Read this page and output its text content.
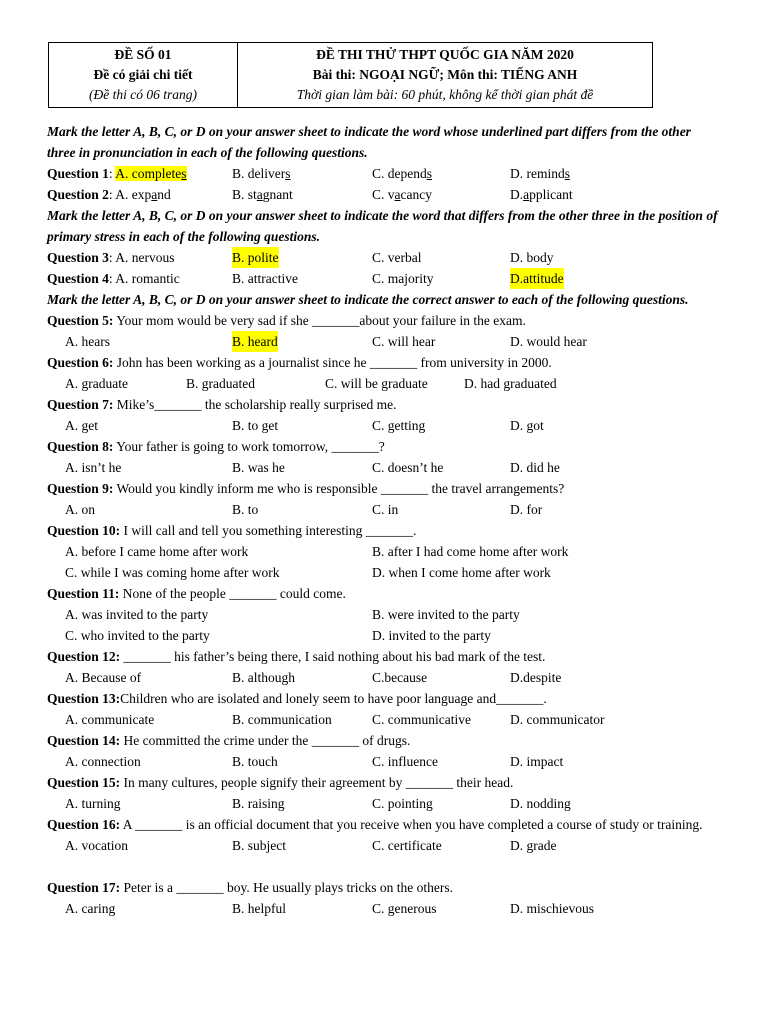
ĐỀ SỐ 01
Đề có giải chi tiết
(Đề thi có 06 trang)

ĐỀ THI THỬ THPT QUỐC GIA NĂM 2020
Bài thi: NGOẠI NGỮ; Môn thi: TIẾNG ANH
Thời gian làm bài: 60 phút, không kể thời gian phát đề
Mark the letter A, B, C, or D on your answer sheet to indicate the word whose underlined part differs from the other three in pronunciation in each of the following questions.
Question 1: A. completes	B. delivers	C. depends	D. reminds
Question 2: A. expand	B. stagnant	C. vacancy	D.applicant
Mark the letter A, B, C, or D on your answer sheet to indicate the word that differs from the other three in the position of primary stress in each of the following questions.
Question 3: A. nervous	B. polite	C. verbal	D. body
Question 4: A. romantic	B. attractive	C. majority	D.attitude
Mark the letter A, B, C, or D on your answer sheet to indicate the correct answer to each of the following questions.
Question 5: Your mom would be very sad if she _______about your failure in the exam.
A. hears	B. heard	C. will hear	D. would hear
Question 6: John has been working as a journalist since he _______ from university in 2000.
A. graduate	B. graduated	C. will be graduate	D. had graduated
Question 7: Mike’s_______ the scholarship really surprised me.
A. get	B. to get	C. getting	D. got
Question 8: Your father is going to work tomorrow, _______?
A. isn’t he	B. was he	C. doesn’t he	D. did he
Question 9: Would you kindly inform me who is responsible _______ the travel arrangements?
A. on	B. to	C. in	D. for
Question 10: I will call and tell you something interesting _______.
A. before I came home after work	B. after I had come home after work
C. while I was coming home after work	D. when I come home after work
Question 11: None of the people _______ could come.
A. was invited to the party	B. were invited to the party
C. who invited to the party	D. invited to the party
Question 12: _______ his father’s being there, I said nothing about his bad mark of the test.
A. Because of	B. although	C.because	D.despite
Question 13:Children who are isolated and lonely seem to have poor language and_______.
A. communicate	B. communication	C. communicative	D. communicator
Question 14: He committed the crime under the _______ of drugs.
A. connection	B. touch	C. influence	D. impact
Question 15: In many cultures, people signify their agreement by _______ their head.
A. turning	B. raising	C. pointing	D. nodding
Question 16: A _______ is an official document that you receive when you have completed a course of study or training.
A. vocation	B. subject	C. certificate	D. grade
Question 17: Peter is a _______ boy. He usually plays tricks on the others.
A. caring	B. helpful	C. generous	D. mischievous
